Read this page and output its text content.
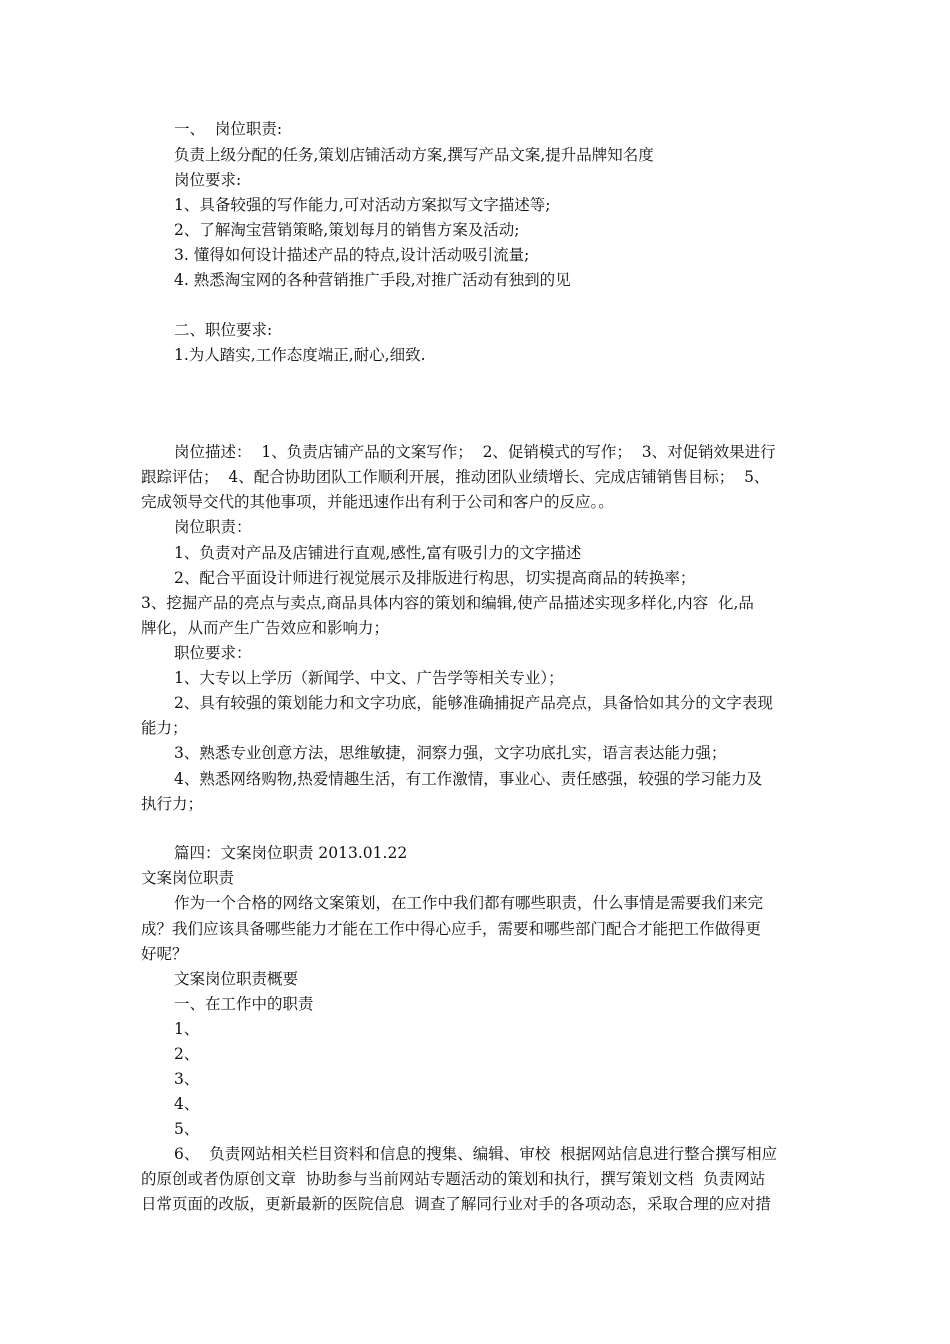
一、  岗位职责:
负责上级分配的任务,策划店铺活动方案,撰写产品文案,提升品牌知名度
岗位要求:
1、具备较强的写作能力,可对活动方案拟写文字描述等;
2、了解淘宝营销策略,策划每月的销售方案及活动;
3. 懂得如何设计描述产品的特点,设计活动吸引流量;
4. 熟悉淘宝网的各种营销推广手段,对推广活动有独到的见
二、职位要求:
1.为人踏实,工作态度端正,耐心,细致.
岗位描述：  1、负责店铺产品的文案写作；  2、促销模式的写作；  3、对促销效果进行
跟踪评估；  4、配合协助团队工作顺利开展，推动团队业绩增长、完成店铺销售目标；  5、
完成领导交代的其他事项，并能迅速作出有利于公司和客户的反应。。
岗位职责：
1、负责对产品及店铺进行直观,感性,富有吸引力的文字描述
2、配合平面设计师进行视觉展示及排版进行构思，切实提高商品的转换率；
3、挖掘产品的亮点与卖点,商品具体内容的策划和编辑,使产品描述实现多样化,内容  化,品
牌化，从而产生广告效应和影响力；
职位要求：
1、大专以上学历（新闻学、中文、广告学等相关专业）；
2、具有较强的策划能力和文字功底，能够准确捕捉产品亮点，具备恰如其分的文字表现
能力；
3、熟悉专业创意方法，思维敏捷，洞察力强，文字功底扎实，语言表达能力强；
4、熟悉网络购物,热爱情趣生活，有工作激情，事业心、责任感强，较强的学习能力及
执行力；
篇四：文案岗位职责 2013.01.22
文案岗位职责
作为一个合格的网络文案策划，在工作中我们都有哪些职责，什么事情是需要我们来完
成？我们应该具备哪些能力才能在工作中得心应手，需要和哪些部门配合才能把工作做得更
好呢？
文案岗位职责概要
一、在工作中的职责
1、
2、
3、
4、
5、
6、  负责网站相关栏目资料和信息的搜集、编辑、审校  根据网站信息进行整合撰写相应
的原创或者伪原创文章  协助参与当前网站专题活动的策划和执行，撰写策划文档  负责网站
日常页面的改版，更新最新的医院信息  调查了解同行业对手的各项动态，采取合理的应对措
